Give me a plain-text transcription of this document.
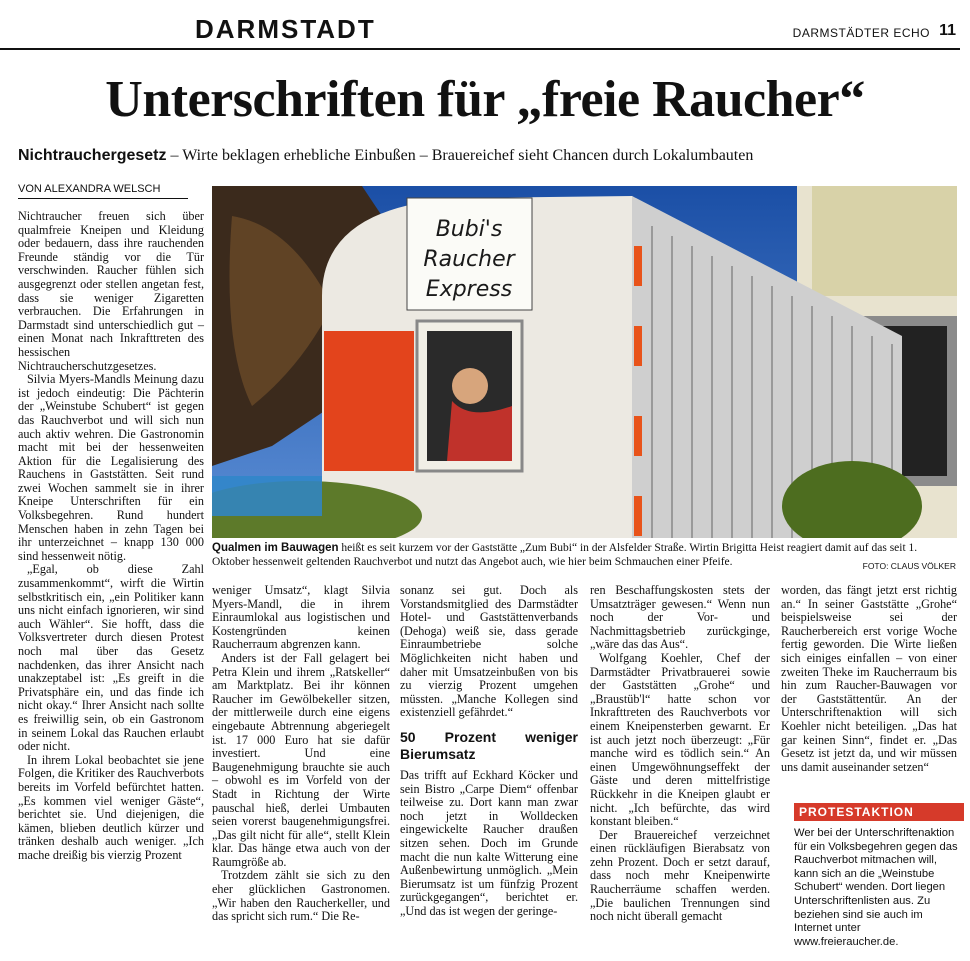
DARMSTADT	DARMSTÄDTER ECHO 11
Unterschriften für „freie Raucher“
Nichtrauchergesetz – Wirte beklagen erhebliche Einbußen – Brauereichef sieht Chancen durch Lokalumbauten
VON ALEXANDRA WELSCH

Nichtraucher freuen sich über qualmfreie Kneipen und Kleidung oder bedauern, dass ihre rauchenden Freunde ständig vor die Tür verschwinden. Raucher fühlen sich ausgegrenzt oder stellen angetan fest, dass sie weniger Zigaretten verbrauchen. Die Erfahrungen in Darmstadt sind unterschiedlich gut – einen Monat nach Inkrafttreten des hessischen Nichtraucherschutzgesetzes.

Silvia Myers-Mandls Meinung dazu ist jedoch eindeutig: Die Pächterin der „Weinstube Schubert“ ist gegen das Rauchverbot und will sich nun auch aktiv wehren. Die Gastronomin macht mit bei der hessenweiten Aktion für die Legalisierung des Rauchens in Gaststätten. Seit rund zwei Wochen sammelt sie in ihrer Kneipe Unterschriften für ein Volksbegehren. Rund hundert Menschen haben in zehn Tagen bei ihr unterzeichnet – knapp 130 000 sind hessenweit nötig.

„Egal, ob diese Zahl zusammenkommt“, wirft die Wirtin selbstkritisch ein, „ein Politiker kann uns nicht einfach ignorieren, wir sind auch Wähler“. Sie hofft, dass die Volksvertreter durch diesen Protest noch mal über das Gesetz nachdenken, das ihrer Ansicht nach unakzeptabel ist: „Es greift in die Privatsphäre ein, und das finde ich nicht okay.“ Ihrer Ansicht nach sollte es freiwillig sein, ob ein Gastronom in seinem Lokal das Rauchen erlaubt oder nicht.

In ihrem Lokal beobachtet sie jene Folgen, die Kritiker des Rauchverbots bereits im Vorfeld befürchtet hatten. „Es kommen viel weniger Gäste“, berichtet sie. Und diejenigen, die kämen, blieben deutlich kürzer und tränken deshalb auch weniger. „Ich mache dreißig bis vierzig Prozent

Bubi's
Raucher
Express
Qualmen im Bauwagen heißt es seit kurzem vor der Gaststätte „Zum Bubi“ in der Alsfelder Straße. Wirtin Brigitta Heist reagiert damit auf das seit 1. Oktober hessenweit geltenden Rauchverbot und nutzt das Angebot auch, wie hier beim Schmauchen einer Pfeife.	FOTO: CLAUS VÖLKER

weniger Umsatz“, klagt Silvia Myers-Mandl, die in ihrem Einraumlokal aus logistischen und Kostengründen keinen Raucherraum abgrenzen kann.

Anders ist der Fall gelagert bei Petra Klein und ihrem „Ratskeller“ am Marktplatz. Bei ihr können Raucher im Gewölbekeller sitzen, der mittlerweile durch eine eigens eingebaute Abtrennung abgeriegelt ist. 17 000 Euro hat sie dafür investiert. Und eine Baugenehmigung brauchte sie auch – obwohl es im Vorfeld von der Stadt in Richtung der Wirte pauschal hieß, derlei Umbauten seien vorerst baugenehmigungsfrei. „Das gilt nicht für alle“, stellt Klein klar. Das hänge etwa auch von der Raumgröße ab.

Trotzdem zählt sie sich zu den eher glücklichen Gastronomen. „Wir haben den Raucherkeller, und das spricht sich rum.“ Die Re-

sonanz sei gut. Doch als Vorstandsmitglied des Darmstädter Hotel- und Gaststättenverbands (Dehoga) weiß sie, dass gerade Einraumbetriebe solche Möglichkeiten nicht haben und daher mit Umsatzeinbußen von bis zu vierzig Prozent umgehen müssten. „Manche Kollegen sind existenziell gefährdet.“

50 Prozent weniger Bierumsatz

Das trifft auf Eckhard Köcker und sein Bistro „Carpe Diem“ offenbar teilweise zu. Dort kann man zwar noch jetzt in Wolldecken eingewickelte Raucher draußen sitzen sehen. Doch im Grunde macht die nun kalte Witterung eine Außenbewirtung unmöglich. „Mein Bierumsatz ist um fünfzig Prozent zurückgegangen“, berichtet er. „Und das ist wegen der geringe-

ren Beschaffungskosten stets der Umsatzträger gewesen.“ Wenn nun noch der Vor- und Nachmittagsbetrieb zurückginge, „wäre das das Aus“.

Wolfgang Koehler, Chef der Darmstädter Privatbrauerei sowie der Gaststätten „Grohe“ und „Braustüb'l“ hatte schon vor Inkrafttreten des Rauchverbots vor einem Kneipensterben gewarnt. Er ist auch jetzt noch überzeugt: „Für manche wird es tödlich sein.“ An einen Umgewöhnungseffekt der Gäste und deren mittelfristige Rückkehr in die Kneipen glaubt er nicht. „Ich befürchte, das wird konstant bleiben.“

Der Brauereichef verzeichnet einen rückläufigen Bierabsatz von zehn Prozent. Doch er setzt darauf, dass noch mehr Kneipenwirte Raucherräume schaffen werden. „Die baulichen Trennungen sind noch nicht überall gemacht

worden, das fängt jetzt erst richtig an.“ In seiner Gaststätte „Grohe“ beispielsweise sei der Raucherbereich erst vorige Woche fertig geworden. Die Wirte ließen sich einiges einfallen – von einer zweiten Theke im Raucherraum bis hin zum Raucher-Bauwagen vor der Gaststättentür. An der Unterschriftenaktion will sich Koehler nicht beteiligen. „Das hat gar keinen Sinn“, findet er. „Das Gesetz ist jetzt da, und wir müssen uns damit auseinander setzen“

PROTESTAKTION
Wer bei der Unterschriftenaktion für ein Volksbegehren gegen das Rauchverbot mitmachen will, kann sich an die „Weinstube Schubert“ wenden. Dort liegen Unterschriftenlisten aus. Zu beziehen sind sie auch im Internet unter www.freieraucher.de.
